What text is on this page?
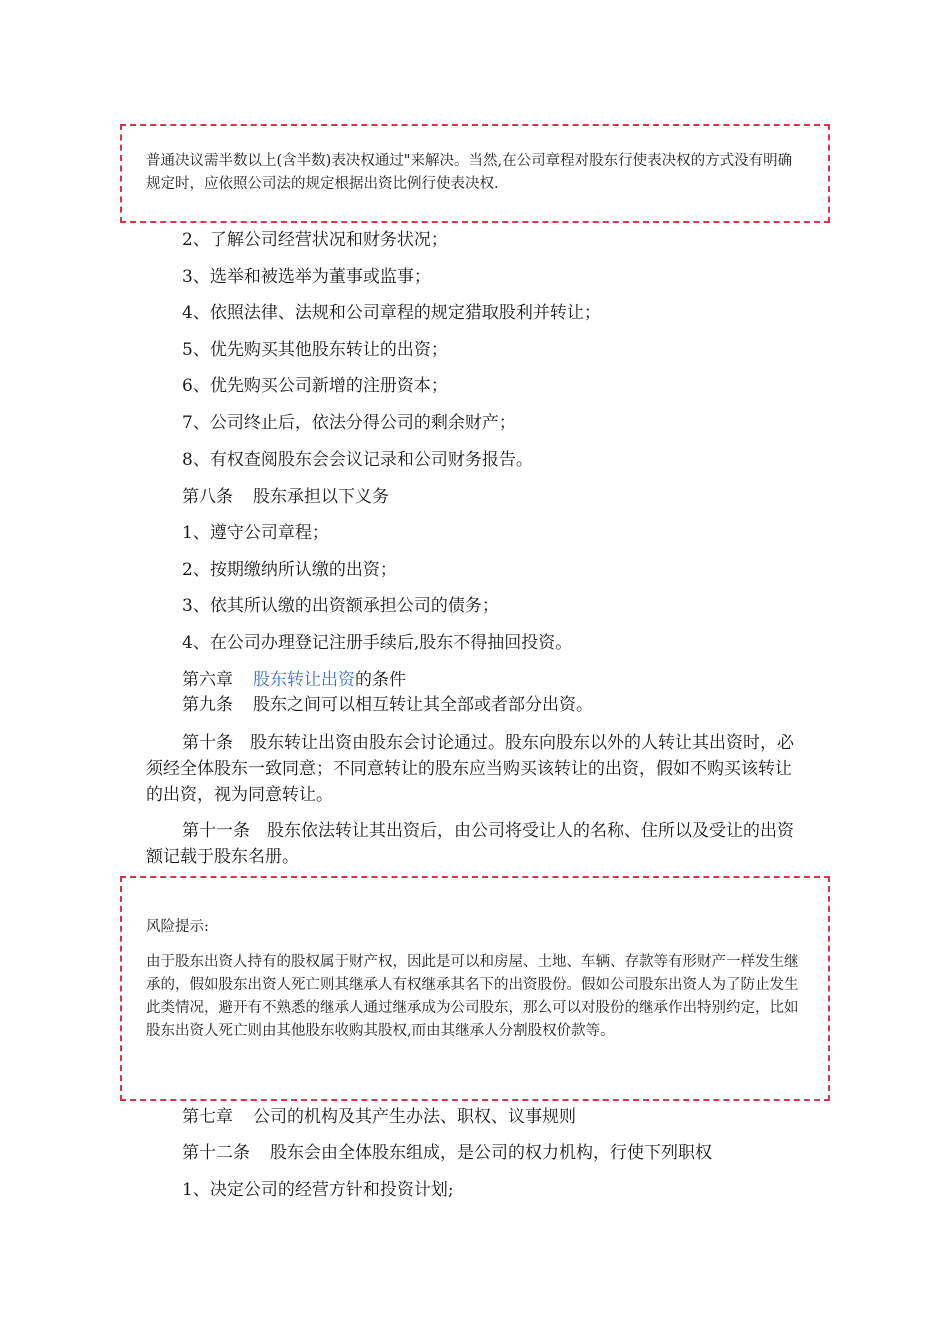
普通决议需半数以上(含半数)表决权通过"来解决。当然,在公司章程对股东行使表决权的方式没有明确规定时，应依照公司法的规定根据出资比例行使表决权.
2、了解公司经营状况和财务状况；
3、选举和被选举为董事或监事；
4、依照法律、法规和公司章程的规定猎取股利并转让；
5、优先购买其他股东转让的出资；
6、优先购买公司新增的注册资本；
7、公司终止后，依法分得公司的剩余财产；
8、有权查阅股东会会议记录和公司财务报告。
第八条 股东承担以下义务
1、遵守公司章程；
2、按期缴纳所认缴的出资；
3、依其所认缴的出资额承担公司的债务；
4、在公司办理登记注册手续后,股东不得抽回投资。
第六章 股东转让出资的条件
第九条 股东之间可以相互转让其全部或者部分出资。
第十条　股东转让出资由股东会讨论通过。股东向股东以外的人转让其出资时，必须经全体股东一致同意；不同意转让的股东应当购买该转让的出资，假如不购买该转让的出资，视为同意转让。
第十一条　股东依法转让其出资后，由公司将受让人的名称、住所以及受让的出资额记载于股东名册。
风险提示:
由于股东出资人持有的股权属于财产权，因此是可以和房屋、土地、车辆、存款等有形财产一样发生继承的，假如股东出资人死亡则其继承人有权继承其名下的出资股份。假如公司股东出资人为了防止发生此类情况，避开有不熟悉的继承人通过继承成为公司股东，那么可以对股份的继承作出特别约定，比如股东出资人死亡则由其他股东收购其股权,而由其继承人分割股权价款等。
第七章 公司的机构及其产生办法、职权、议事规则
第十二条 股东会由全体股东组成，是公司的权力机构，行使下列职权
1、决定公司的经营方针和投资计划;
